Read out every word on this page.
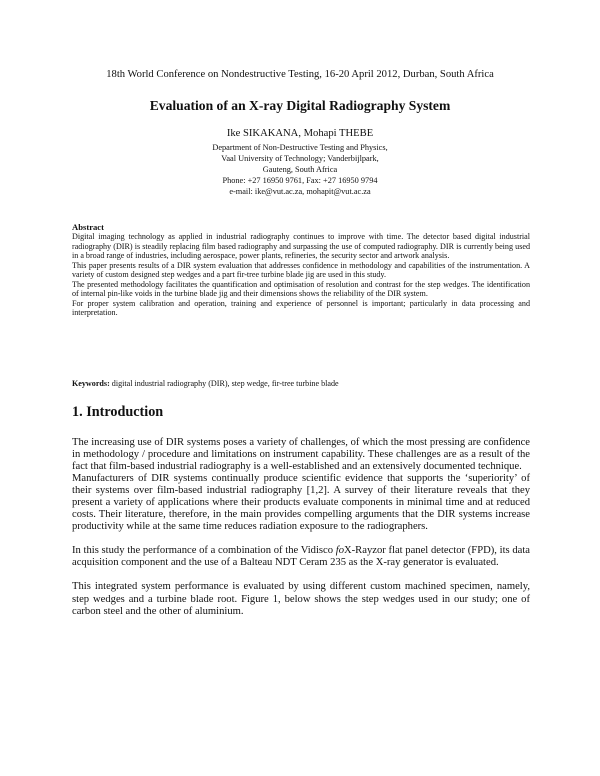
18th World Conference on Nondestructive Testing, 16-20 April 2012, Durban, South Africa
Evaluation of an X-ray Digital Radiography System
Ike SIKAKANA, Mohapi THEBE
Department of Non-Destructive Testing and Physics,
Vaal University of Technology; Vanderbijlpark,
Gauteng, South Africa
Phone: +27 16950 9761, Fax: +27 16950 9794
e-mail: ike@vut.ac.za, mohapit@vut.ac.za
Abstract

Digital imaging technology as applied in industrial radiography continues to improve with time. The detector based digital industrial radiography (DIR) is steadily replacing film based radiography and surpassing the use of computed radiography. DIR is currently being used in a broad range of industries, including aerospace, power plants, refineries, the security sector and artwork analysis.

This paper presents results of a DIR system evaluation that addresses confidence in methodology and capabilities of the instrumentation. A variety of custom designed step wedges and a part fir-tree turbine blade jig are used in this study.

The presented methodology facilitates the quantification and optimisation of resolution and contrast for the step wedges. The identification of internal pin-like voids in the turbine blade jig and their dimensions shows the reliability of the DIR system.

For proper system calibration and operation, training and experience of personnel is important; particularly in data processing and interpretation.

Keywords: digital industrial radiography (DIR), step wedge, fir-tree turbine blade
1. Introduction

The increasing use of DIR systems poses a variety of challenges, of which the most pressing are confidence in methodology / procedure and limitations on instrument capability. These challenges are as a result of the fact that film-based industrial radiography is a well-established and an extensively documented technique.

Manufacturers of DIR systems continually produce scientific evidence that supports the ‘superiority’ of their systems over film-based industrial radiography [1,2]. A survey of their literature reveals that they present a variety of applications where their products evaluate components in minimal time and at reduced costs. Their literature, therefore, in the main provides compelling arguments that the DIR systems increase productivity while at the same time reduces radiation exposure to the radiographers.

In this study the performance of a combination of the Vidisco foX-Rayzor flat panel detector (FPD), its data acquisition component and the use of a Balteau NDT Ceram 235 as the X-ray generator is evaluated.

This integrated system performance is evaluated by using different custom machined specimen, namely, step wedges and a turbine blade root. Figure 1, below shows the step wedges used in our study; one of carbon steel and the other of aluminium.
